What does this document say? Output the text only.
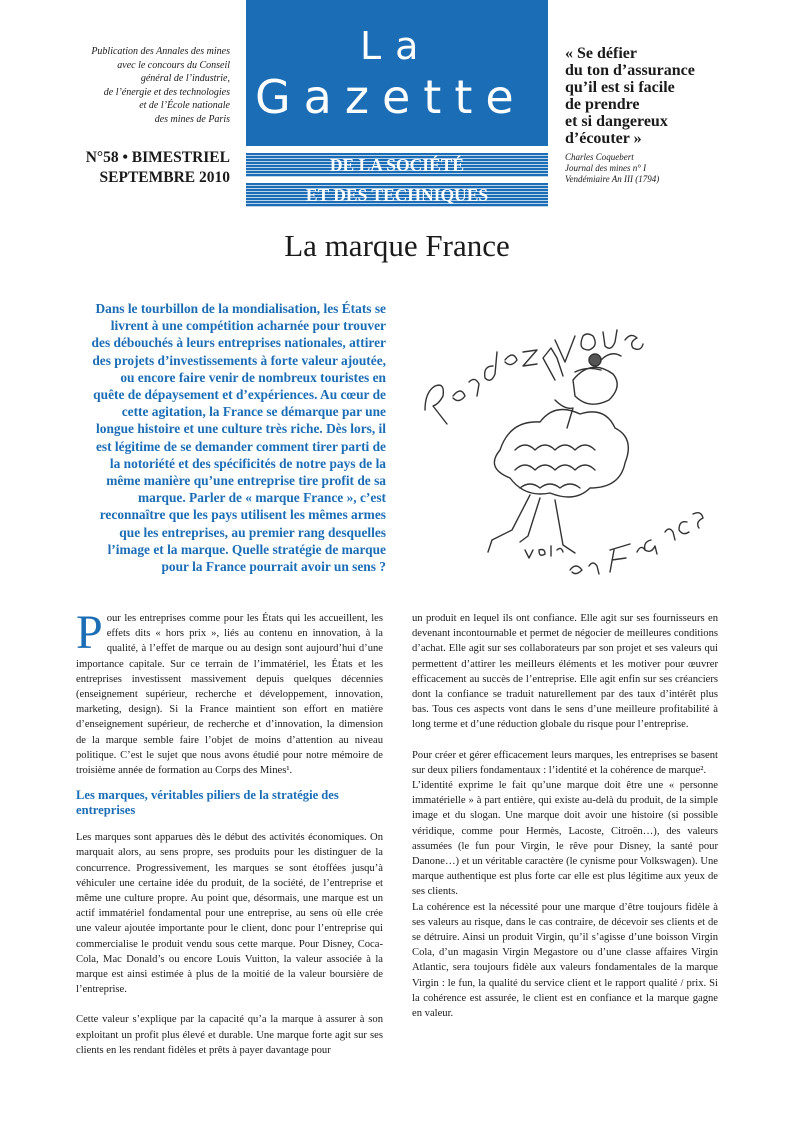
Publication des Annales des mines
avec le concours du Conseil
général de l’industrie,
de l’énergie et des technologies
et de l’École nationale
des mines de Paris
N°58 • BIMESTRIEL
SEPTEMBRE 2010
La
Gazette
DE LA SOCIÉTÉ
ET DES TECHNIQUES
« Se défier
du ton d’assurance
qu’il est si facile
de prendre
et si dangereux
d’écouter »
Charles Coquebert
Journal des mines n° I
Vendémiaire An III (1794)
La marque France
Dans le tourbillon de la mondialisation, les États se livrent à une compétition acharnée pour trouver des débouchés à leurs entreprises nationales, attirer des projets d’investissements à forte valeur ajoutée, ou encore faire venir de nombreux touristes en quête de dépaysement et d’expériences. Au cœur de cette agitation, la France se démarque par une longue histoire et une culture très riche. Dès lors, il est légitime de se demander comment tirer parti de la notoriété et des spécificités de notre pays de la même manière qu’une entreprise tire profit de sa marque. Parler de « marque France », c’est reconnaître que les pays utilisent les mêmes armes que les entreprises, au premier rang desquelles l’image et la marque. Quelle stratégie de marque pour la France pourrait avoir un sens ?

Pour les entreprises comme pour les États qui les accueillent, les effets dits « hors prix », liés au contenu en innovation, à la qualité, à l’effet de marque ou au design sont aujourd’hui d’une importance capitale. Sur ce terrain de l’immatériel, les États et les entreprises investissent massivement depuis quelques décennies (enseignement supérieur, recherche et développement, innovation, marketing, design). Si la France maintient son effort en matière d’enseignement supérieur, de recherche et d’innovation, la dimension de la marque semble faire l’objet de moins d’attention au niveau politique. C’est le sujet que nous avons étudié pour notre mémoire de troisième année de formation au Corps des Mines¹.

Les marques, véritables piliers de la stratégie des entreprises

Les marques sont apparues dès le début des activités économiques. On marquait alors, au sens propre, ses produits pour les distinguer de la concurrence. Progressivement, les marques se sont étoffées jusqu’à véhiculer une certaine idée du produit, de la société, de l’entreprise et même une culture propre. Au point que, désormais, une marque est un actif immatériel fondamental pour une entreprise, au sens où elle crée une valeur ajoutée importante pour le client, donc pour l’entreprise qui commercialise le produit vendu sous cette marque. Pour Disney, Coca-Cola, Mac Donald’s ou encore Louis Vuitton, la valeur associée à la marque est ainsi estimée à plus de la moitié de la valeur boursière de l’entreprise.

Cette valeur s’explique par la capacité qu’a la marque à assurer à son exploitant un profit plus élevé et durable. Une marque forte agit sur ses clients en les rendant fidèles et prêts à payer davantage pour

un produit en lequel ils ont confiance. Elle agit sur ses fournisseurs en devenant incontournable et permet de négocier de meilleures conditions d’achat. Elle agit sur ses collaborateurs par son projet et ses valeurs qui permettent d’attirer les meilleurs éléments et les motiver pour œuvrer efficacement au succès de l’entreprise. Elle agit enfin sur ses créanciers dont la confiance se traduit naturellement par des taux d’intérêt plus bas. Tous ces aspects vont dans le sens d’une meilleure profitabilité à long terme et d’une réduction globale du risque pour l’entreprise.

Pour créer et gérer efficacement leurs marques, les entreprises se basent sur deux piliers fondamentaux : l’identité et la cohérence de marque².

L’identité exprime le fait qu’une marque doit être une « personne immatérielle » à part entière, qui existe au-delà du produit, de la simple image et du slogan. Une marque doit avoir une histoire (si possible véridique, comme pour Hermès, Lacoste, Citroën…), des valeurs assumées (le fun pour Virgin, le rêve pour Disney, la santé pour Danone…) et un véritable caractère (le cynisme pour Volkswagen). Une marque authentique est plus forte car elle est plus légitime aux yeux de ses clients.

La cohérence est la nécessité pour une marque d’être toujours fidèle à ses valeurs au risque, dans le cas contraire, de décevoir ses clients et de se détruire. Ainsi un produit Virgin, qu’il s’agisse d’une boisson Virgin Cola, d’un magasin Virgin Megastore ou d’une classe affaires Virgin Atlantic, sera toujours fidèle aux valeurs fondamentales de la marque Virgin : le fun, la qualité du service client et le rapport qualité / prix. Si la cohérence est assurée, le client est en confiance et la marque gagne en valeur.
